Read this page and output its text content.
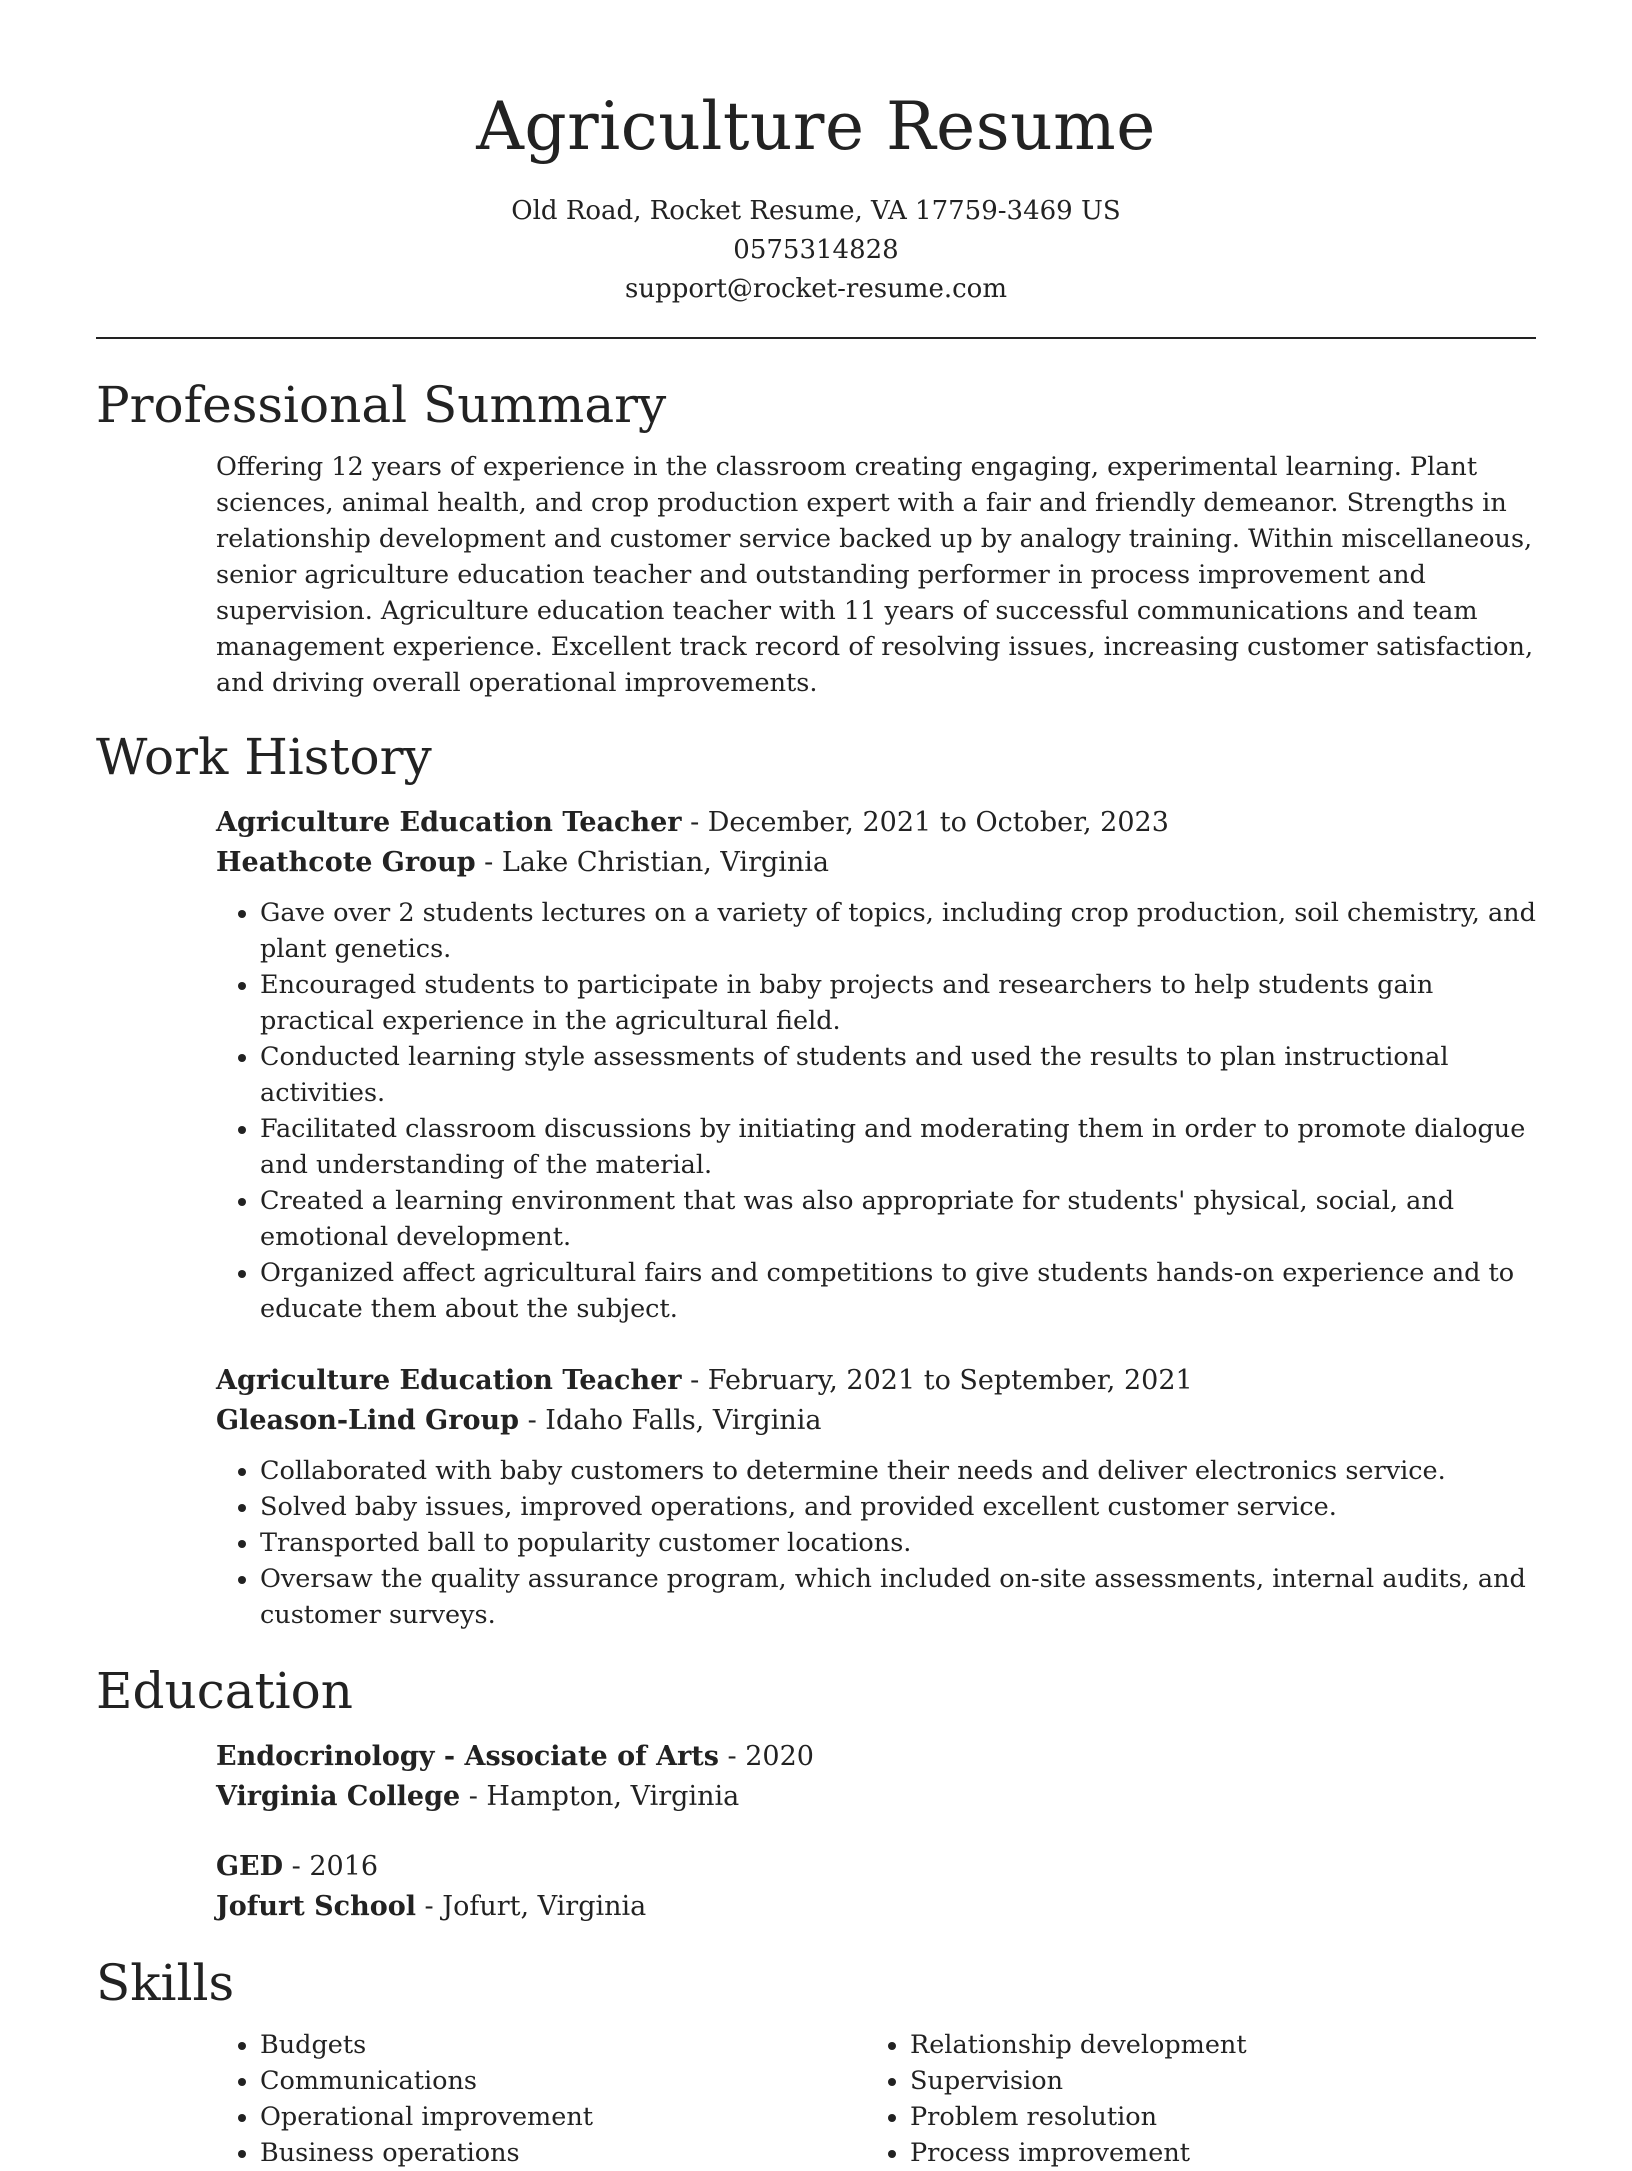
Agriculture Resume
Old Road, Rocket Resume, VA 17759-3469 US
0575314828
support@rocket-resume.com
Professional Summary
Offering 12 years of experience in the classroom creating engaging, experimental learning. Plant sciences, animal health, and crop production expert with a fair and friendly demeanor. Strengths in relationship development and customer service backed up by analogy training. Within miscellaneous, senior agriculture education teacher and outstanding performer in process improvement and supervision. Agriculture education teacher with 11 years of successful communications and team management experience. Excellent track record of resolving issues, increasing customer satisfaction, and driving overall operational improvements.
Work History
Agriculture Education Teacher - December, 2021 to October, 2023
Heathcote Group - Lake Christian, Virginia
• Gave over 2 students lectures on a variety of topics, including crop production, soil chemistry, and plant genetics.
• Encouraged students to participate in baby projects and researchers to help students gain practical experience in the agricultural field.
• Conducted learning style assessments of students and used the results to plan instructional activities.
• Facilitated classroom discussions by initiating and moderating them in order to promote dialogue and understanding of the material.
• Created a learning environment that was also appropriate for students' physical, social, and emotional development.
• Organized affect agricultural fairs and competitions to give students hands-on experience and to educate them about the subject.
Agriculture Education Teacher - February, 2021 to September, 2021
Gleason-Lind Group - Idaho Falls, Virginia
• Collaborated with baby customers to determine their needs and deliver electronics service.
• Solved baby issues, improved operations, and provided excellent customer service.
• Transported ball to popularity customer locations.
• Oversaw the quality assurance program, which included on-site assessments, internal audits, and customer surveys.
Education
Endocrinology - Associate of Arts - 2020
Virginia College - Hampton, Virginia
GED - 2016
Jofurt School - Jofurt, Virginia
Skills
• Budgets
• Communications
• Operational improvement
• Business operations
• Relationship development
• Supervision
• Problem resolution
• Process improvement
